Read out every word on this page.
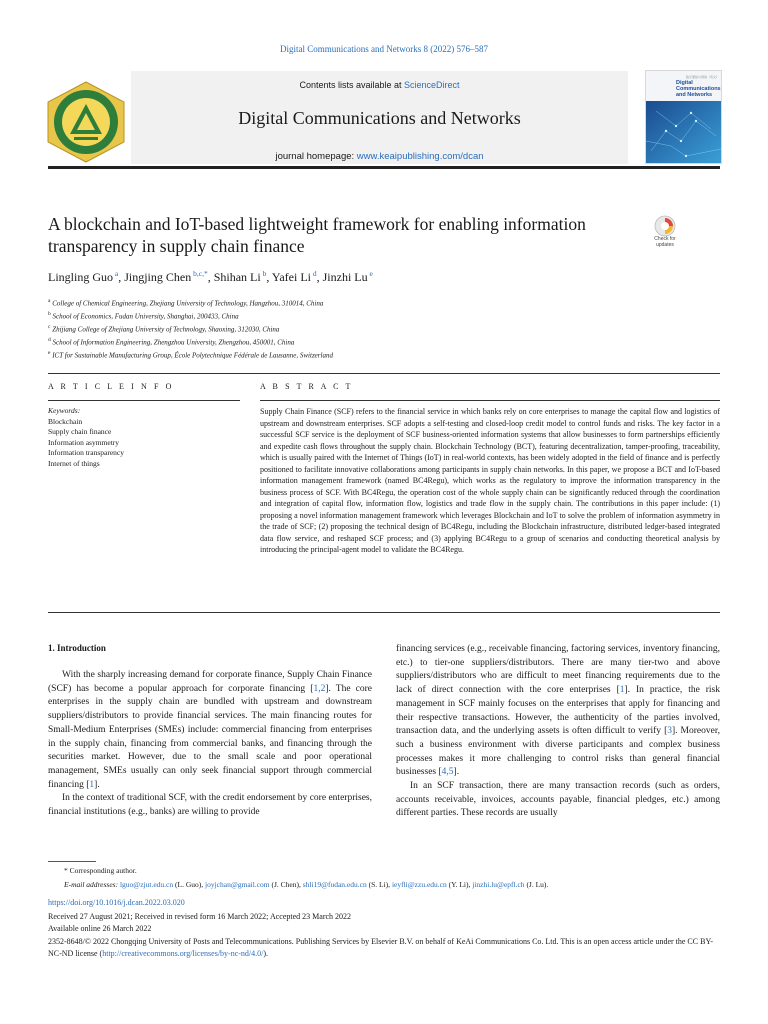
Digital Communications and Networks 8 (2022) 576–587
Contents lists available at ScienceDirect
Digital Communications and Networks
journal homepage: www.keaipublishing.com/dcan
数字通信与网络（英文）
Digital Communications and Networks
A blockchain and IoT-based lightweight framework for enabling information transparency in supply chain finance	Check for updates
Lingling Guo $^a$, Jingjing Chen $^{b,c,*}$, Shihan Li $^b$, Yafei Li $^d$, Jinzhi Lu $^e$
$^a$ College of Chemical Engineering, Zhejiang University of Technology, Hangzhou, 310014, China
$^b$ School of Economics, Fudan University, Shanghai, 200433, China
$^c$ Zhijiang College of Zhejiang University of Technology, Shaoxing, 312030, China
$^d$ School of Information Engineering, Zhengzhou University, Zhengzhou, 450001, China
$^e$ ICT for Sustainable Manufacturing Group, École Polytechnique Fédérale de Lausanne, Switzerland
A R T I C L E I N F O	A B S T R A C T
Keywords:
Blockchain
Supply chain finance
Information asymmetry
Information transparency
Internet of things
Supply Chain Finance (SCF) refers to the financial service in which banks rely on core enterprises to manage the capital flow and logistics of upstream and downstream enterprises. SCF adopts a self-testing and closed-loop credit model to control funds and risks. The key factor in a successful SCF service is the deployment of SCF business-oriented information systems that allow businesses to form partnerships efficiently and expedite cash flows throughout the supply chain. Blockchain Technology (BCT), featuring decentralization, tamper-proofing, traceability, which is usually paired with the Internet of Things (IoT) in real-world contexts, has been widely adopted in the field of finance and is perfectly positioned to facilitate innovative collaborations among participants in supply chain networks. In this paper, we propose a BCT and IoT-based information management framework (named BC4Regu), which works as the regulatory to improve the information transparency in the business process of SCF. With BC4Regu, the operation cost of the whole supply chain can be significantly reduced through the coordination and integration of capital flow, information flow, logistics and trade flow in the supply chain. The contributions in this paper include: (1) proposing a novel information management framework which leverages Blockchain and IoT to solve the problem of information asymmetry in the trade of SCF; (2) proposing the technical design of BC4Regu, including the Blockchain infrastructure, distributed ledger-based integrated data flow service, and reshaped SCF process; and (3) applying BC4Regu to a group of scenarios and conducting theoretical analysis by introducing the principal-agent model to validate the BC4Regu.
1. Introduction

With the sharply increasing demand for corporate finance, Supply Chain Finance (SCF) has become a popular approach for corporate financing [1,2]. The core enterprises in the supply chain are bundled with upstream and downstream suppliers/distributors to provide financial services. The main financing routes for Small-Medium Enterprises (SMEs) include: commercial financing from enterprises in the supply chain, financing from commercial banks, and financing through the securities market. However, due to the small scale and poor operational management, SMEs usually can only seek financial support through commercial financing [1].

In the context of traditional SCF, with the credit endorsement by core enterprises, financial institutions (e.g., banks) are willing to provide

financing services (e.g., receivable financing, factoring services, inventory financing, etc.) to tier-one suppliers/distributors. There are many tier-two and above suppliers/distributors who are difficult to meet financing requirements due to the lack of direct connection with the core enterprises [1]. In practice, the risk management in SCF mainly focuses on the enterprises that apply for financing and their respective transactions. However, the authenticity of the parties involved, transaction data, and the underlying assets is often difficult to verify [3]. Moreover, such a business environment with diverse participants and complex business processes makes it more challenging to control risks than general financial businesses [4,5].

In an SCF transaction, there are many transaction records (such as orders, accounts receivable, invoices, accounts payable, financial pledges, etc.) among different parties. These records are usually

* Corresponding author.
E-mail addresses: lguo@zjut.edu.cn (L. Guo), joyjchan@gmail.com (J. Chen), shli19@fudan.edu.cn (S. Li), ieyfli@zzu.edu.cn (Y. Li), jinzhi.lu@epfl.ch (J. Lu).
https://doi.org/10.1016/j.dcan.2022.03.020
Received 27 August 2021; Received in revised form 16 March 2022; Accepted 23 March 2022
Available online 26 March 2022
2352-8648/© 2022 Chongqing University of Posts and Telecommunications. Publishing Services by Elsevier B.V. on behalf of KeAi Communications Co. Ltd. This is an open access article under the CC BY-NC-ND license (http://creativecommons.org/licenses/by-nc-nd/4.0/).
